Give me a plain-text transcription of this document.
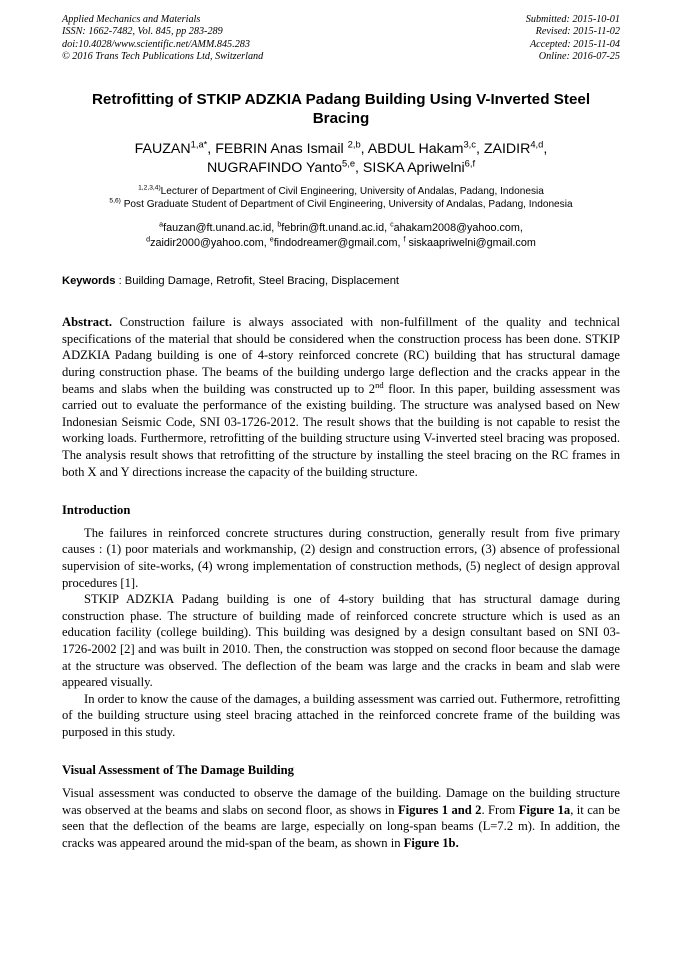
Applied Mechanics and Materials
ISSN: 1662-7482, Vol. 845, pp 283-289
doi:10.4028/www.scientific.net/AMM.845.283
© 2016 Trans Tech Publications Ltd, Switzerland
Submitted: 2015-10-01
Revised: 2015-11-02
Accepted: 2015-11-04
Online: 2016-07-25
Retrofitting of STKIP ADZKIA Padang Building Using V-Inverted Steel Bracing
$FAUZAN^{1,a*}$, FEBRIN Anas Ismail $^{2,b}$, ABDUL Hakam$^{3,c}$, ZAIDIR$^{4,d}$,
NUGRAFINDO Yanto$^{5,e}$, SISKA Apriwelni$^{6,f}$
$^{1,2,3,4)}$Lecturer of Department of Civil Engineering, University of Andalas, Padang, Indonesia
$^{5,6)}$ Post Graduate Student of Department of Civil Engineering, University of Andalas, Padang, Indonesia
$^a$fauzan@ft.unand.ac.id, $^b$febrin@ft.unand.ac.id, $^c$ahakam2008@yahoo.com,
$^d$zaidir2000@yahoo.com, $^e$findodreamer@gmail.com, $^f$ siskaapriwelni@gmail.com
Keywords : Building Damage, Retrofit, Steel Bracing, Displacement

Abstract. Construction failure is always associated with non-fulfillment of the quality and technical specifications of the material that should be considered when the construction process has been done. STKIP ADZKIA Padang building is one of 4-story reinforced concrete (RC) building that has structural damage during construction phase. The beams of the building undergo large deflection and the cracks appear in the beams and slabs when the building was constructed up to 2nd floor. In this paper, building assessment was carried out to evaluate the performance of the existing building. The structure was analysed based on New Indonesian Seismic Code, SNI 03-1726-2012. The result shows that the building is not capable to resist the working loads. Furthermore, retrofitting of the building structure using V-inverted steel bracing was proposed. The analysis result shows that retrofitting of the structure by installing the steel bracing on the RC frames in both X and Y directions increase the capacity of the building structure.

Introduction

The failures in reinforced concrete structures during construction, generally result from five primary causes : (1) poor materials and workmanship, (2) design and construction errors, (3) absence of professional supervision of site-works, (4) wrong implementation of construction methods, (5) neglect of design approval procedures [1].

STKIP ADZKIA Padang building is one of 4-story building that has structural damage during construction phase. The structure of building made of reinforced concrete structure which is used as an education facility (college building). This building was designed by a design consultant based on SNI 03-1726-2002 [2] and was built in 2010. Then, the construction was stopped on second floor because the damage at the structure was observed. The deflection of the beam was large and the cracks in beam and slab were appeared visually.

In order to know the cause of the damages, a building assessment was carried out. Futhermore, retrofitting of the building structure using steel bracing attached in the reinforced concrete frame of the building was purposed in this study.

Visual Assessment of The Damage Building

Visual assessment was conducted to observe the damage of the building. Damage on the building structure was observed at the beams and slabs on second floor, as shows in Figures 1 and 2. From Figure 1a, it can be seen that the deflection of the beams are large, especially on long-span beams (L=7.2 m). In addition, the cracks was appeared around the mid-span of the beam, as shown in Figure 1b.
